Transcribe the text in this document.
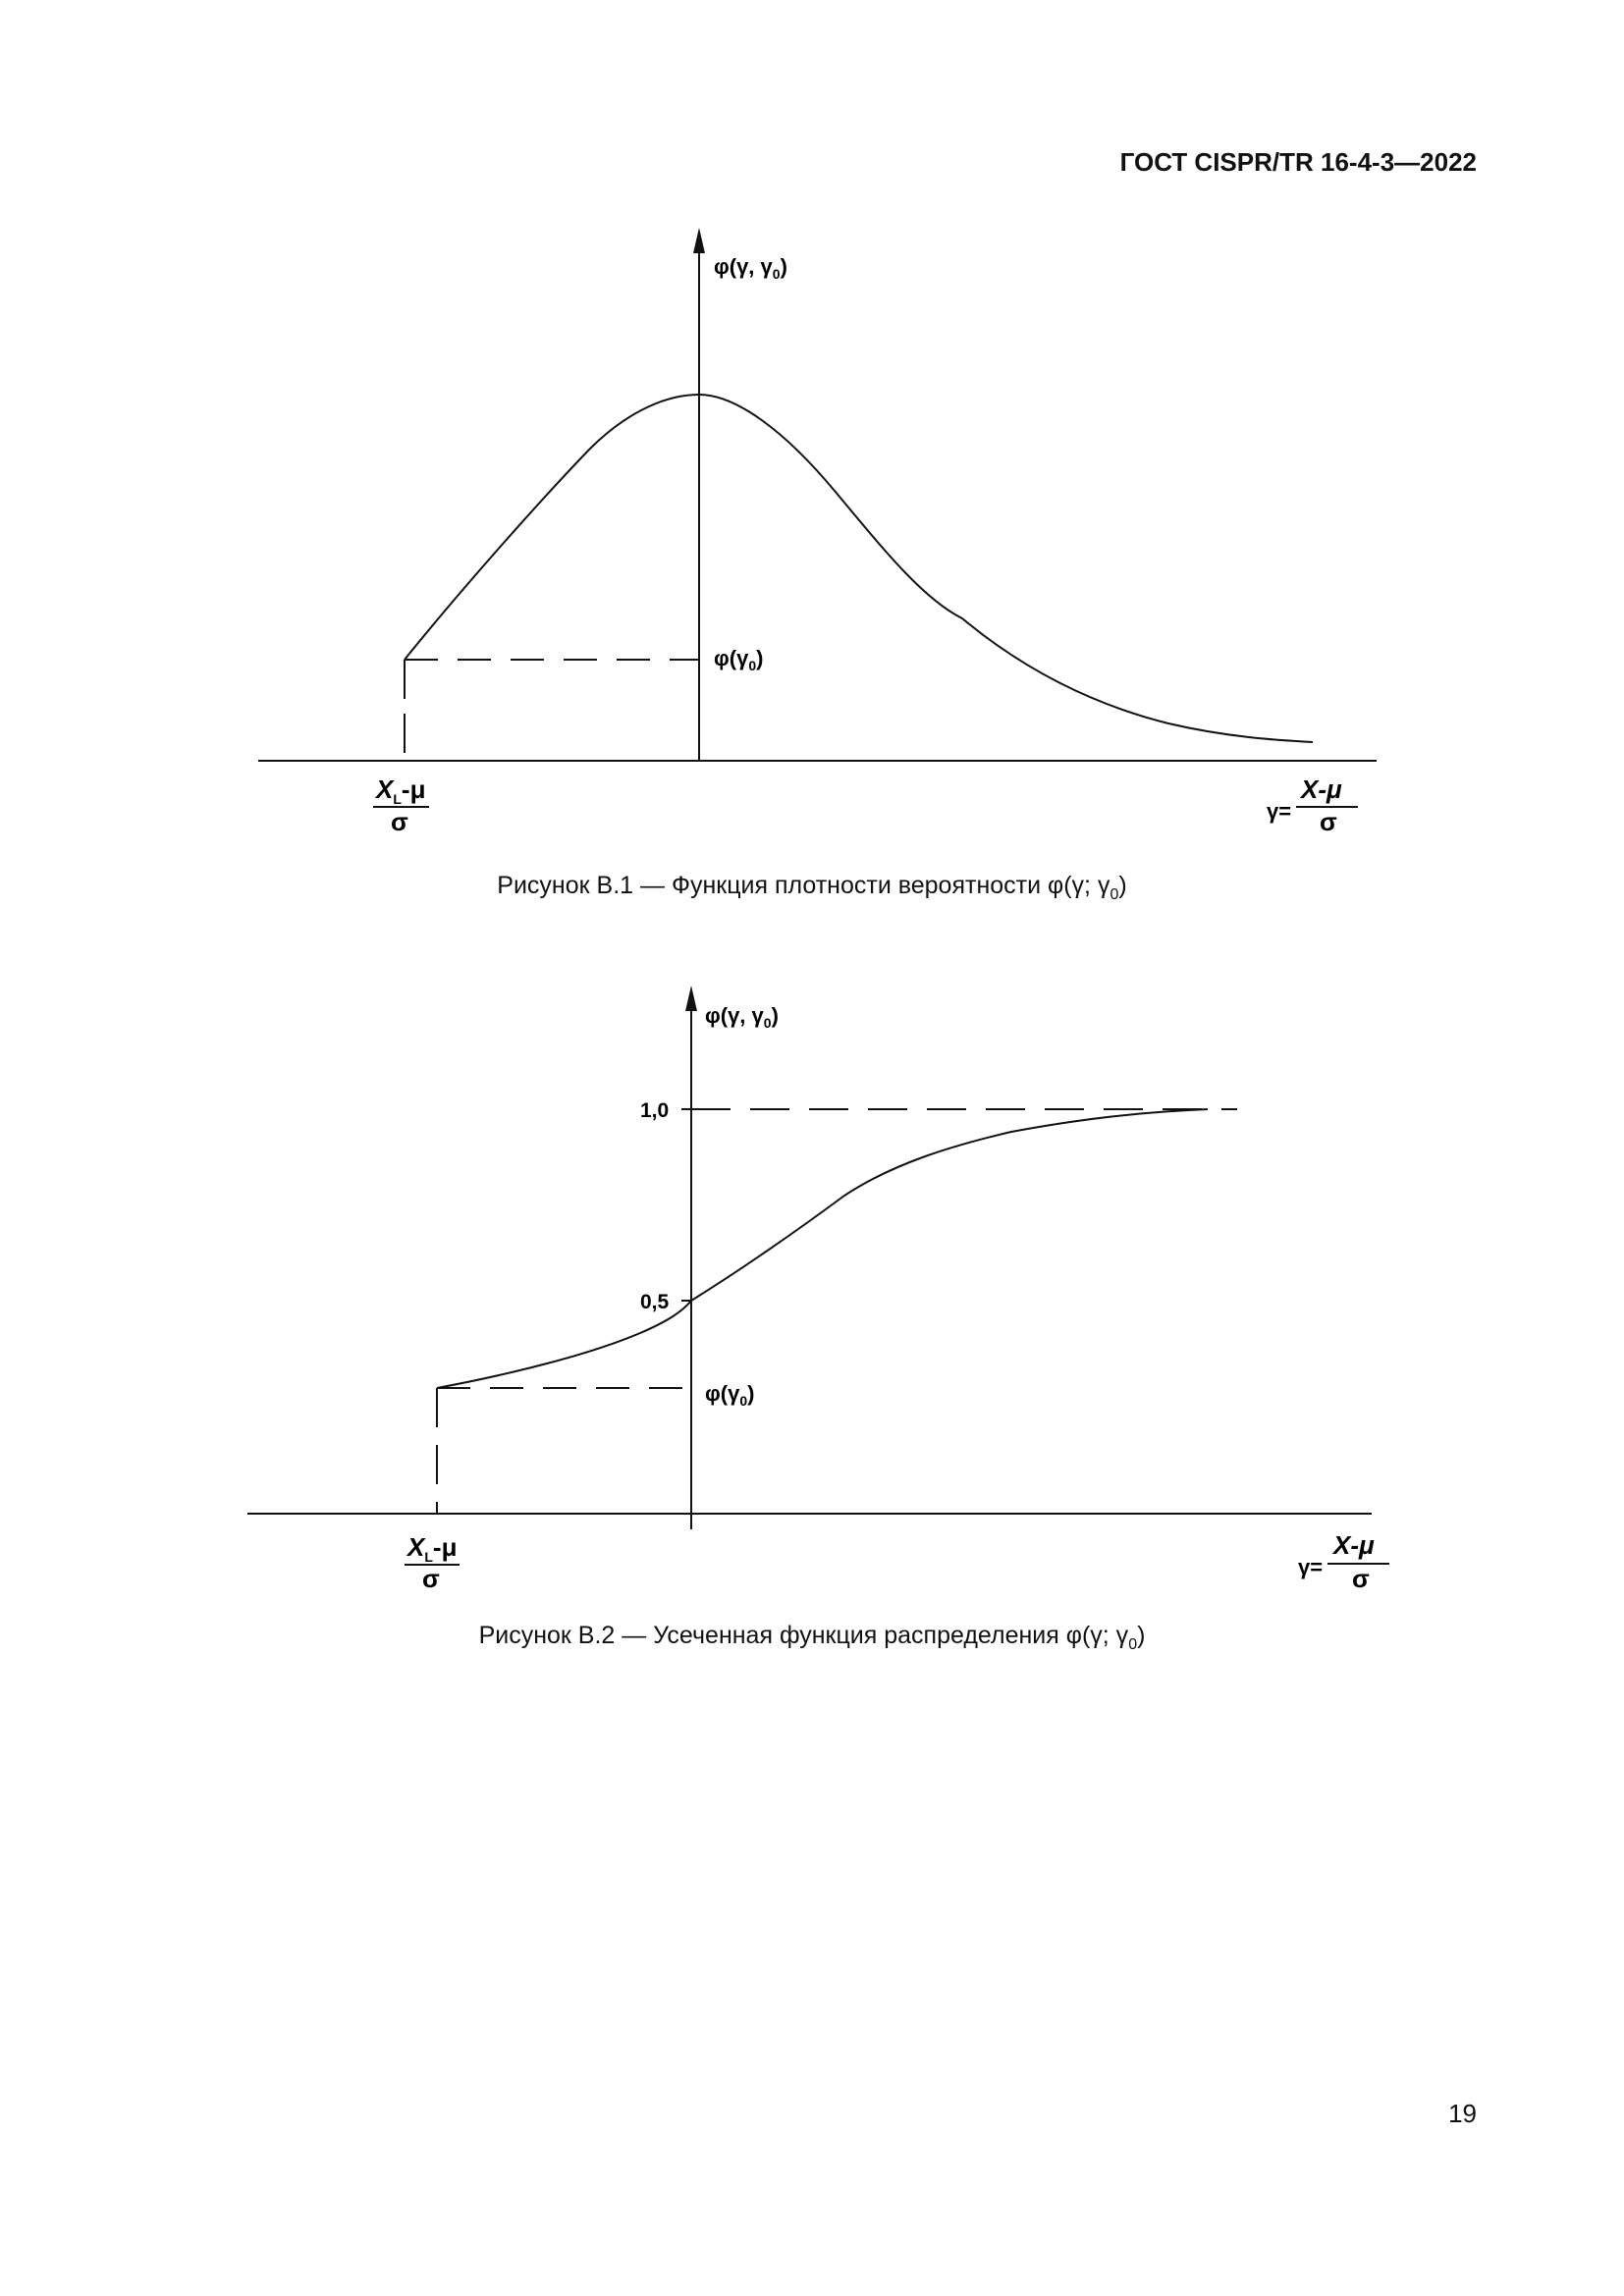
ГОСТ CISPR/TR 16-4-3—2022
φ(γ, $\gamma_0$)
$\varphi(\gamma_0)$
$X_L-\mu$
σ	γ=
X-μ
σ
Рисунок B.1 — Функция плотности вероятности φ(γ; $\gamma_0$)
φ(γ, $\gamma_0$)
1,0
0,5
$\varphi(\gamma_0)$
$X_L-\mu$
σ	γ=
X-μ
σ
Рисунок B.2 — Усеченная функция распределения φ(γ; $\gamma_0$)
19
